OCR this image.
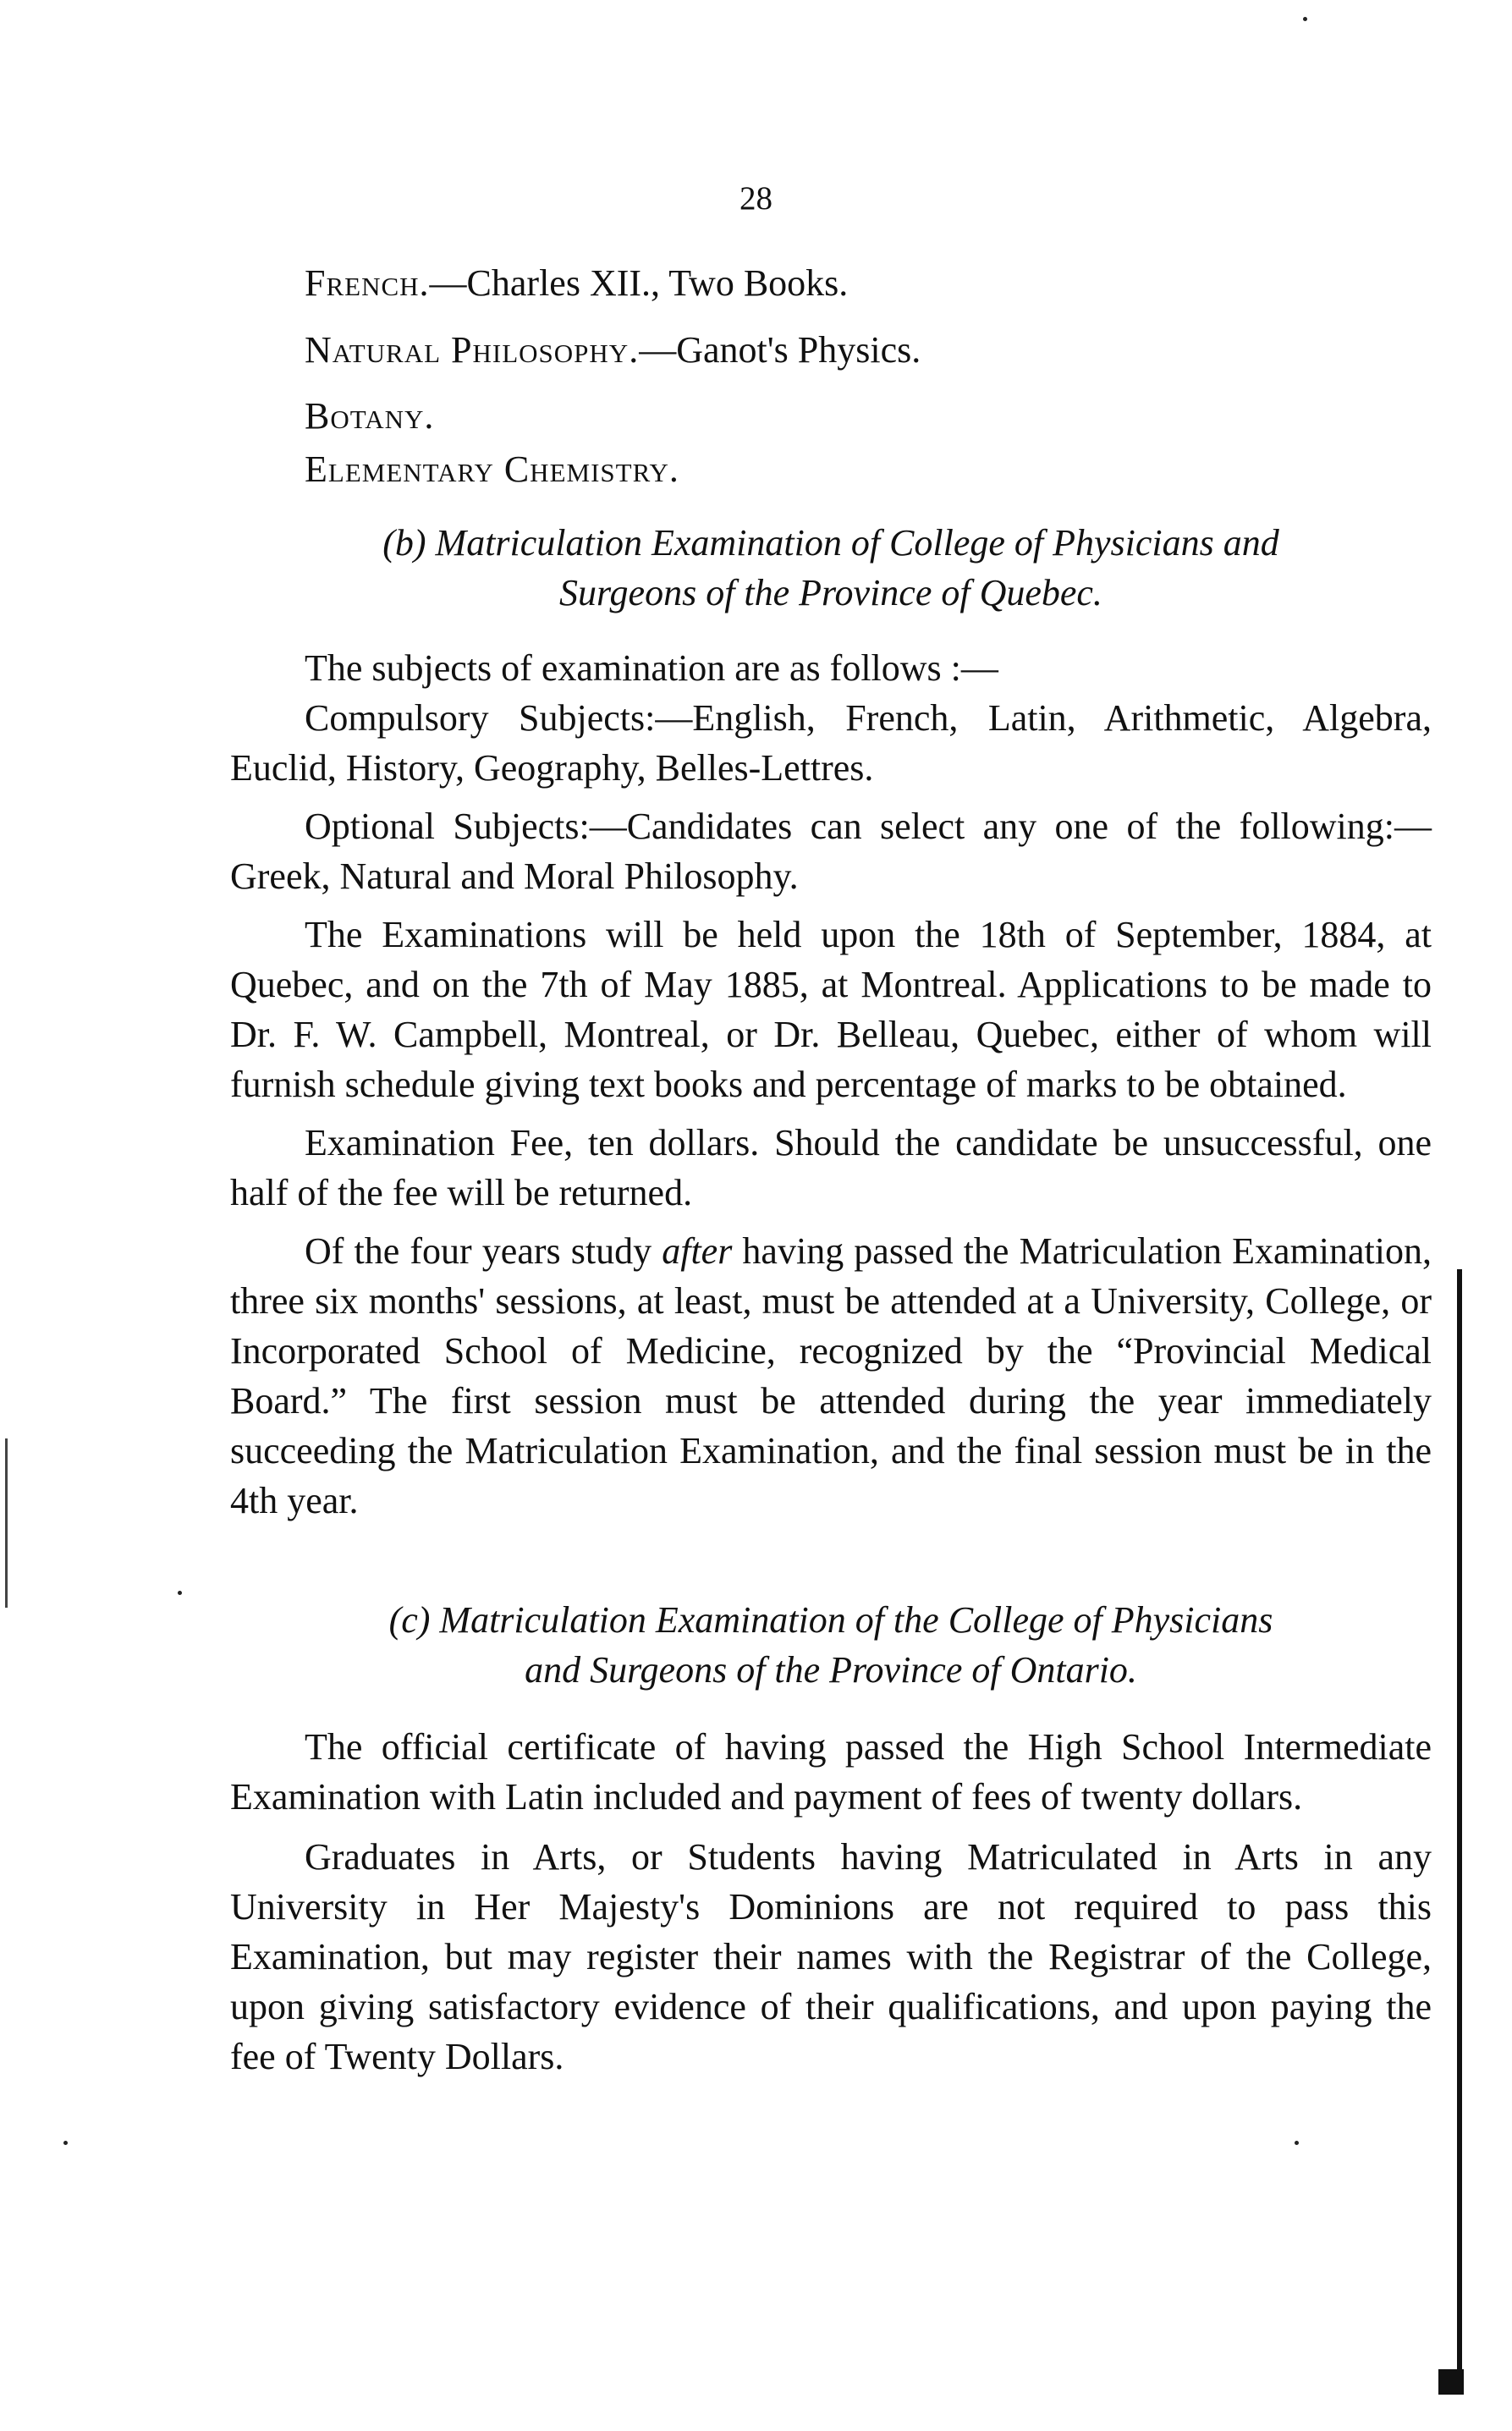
28
French.—Charles XII., Two Books.
Natural Philosophy.—Ganot's Physics.
Botany.
Elementary Chemistry.
(b) Matriculation Examination of College of Physicians and
Surgeons of the Province of Quebec.

The subjects of examination are as follows :—

Compulsory Subjects:—English, French, Latin, Arithmetic, Algebra, Euclid, History, Geography, Belles-Lettres.

Optional Subjects:—Candidates can select any one of the following:—Greek, Natural and Moral Philosophy.

The Examinations will be held upon the 18th of September, 1884, at Quebec, and on the 7th of May 1885, at Montreal. Applications to be made to Dr. F. W. Campbell, Montreal, or Dr. Belleau, Quebec, either of whom will furnish schedule giving text books and percentage of marks to be obtained.

Examination Fee, ten dollars. Should the candidate be unsuccessful, one half of the fee will be returned.

Of the four years study after having passed the Matriculation Examination, three six months' sessions, at least, must be attended at a University, College, or Incorporated School of Medicine, recognized by the “Provincial Medical Board.” The first session must be attended during the year immediately succeeding the Matriculation Examination, and the final session must be in the 4th year.

(c) Matriculation Examination of the College of Physicians
and Surgeons of the Province of Ontario.

The official certificate of having passed the High School Intermediate Examination with Latin included and payment of fees of twenty dollars.

Graduates in Arts, or Students having Matriculated in Arts in any University in Her Majesty's Dominions are not required to pass this Examination, but may register their names with the Registrar of the College, upon giving satisfactory evidence of their qualifications, and upon paying the fee of Twenty Dollars.
